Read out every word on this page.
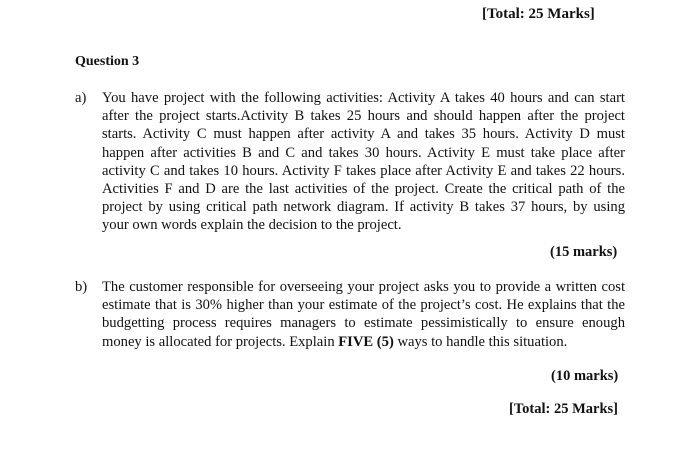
[Total: 25 Marks]
Question 3
a)	You have project with the following activities: Activity A takes 40 hours and can start after the project starts.Activity B takes 25 hours and should happen after the project starts. Activity C must happen after activity A and takes 35 hours. Activity D must happen after activities B and C and takes 30 hours. Activity E must take place after activity C and takes 10 hours. Activity F takes place after Activity E and takes 22 hours. Activities F and D are the last activities of the project. Create the critical path of the project by using critical path network diagram. If activity B takes 37 hours, by using your own words explain the decision to the project.
(15 marks)
b)	The customer responsible for overseeing your project asks you to provide a written cost estimate that is 30% higher than your estimate of the project’s cost. He explains that the budgetting process requires managers to estimate pessimistically to ensure enough money is allocated for projects. Explain FIVE (5) ways to handle this situation.
(10 marks)
[Total: 25 Marks]
